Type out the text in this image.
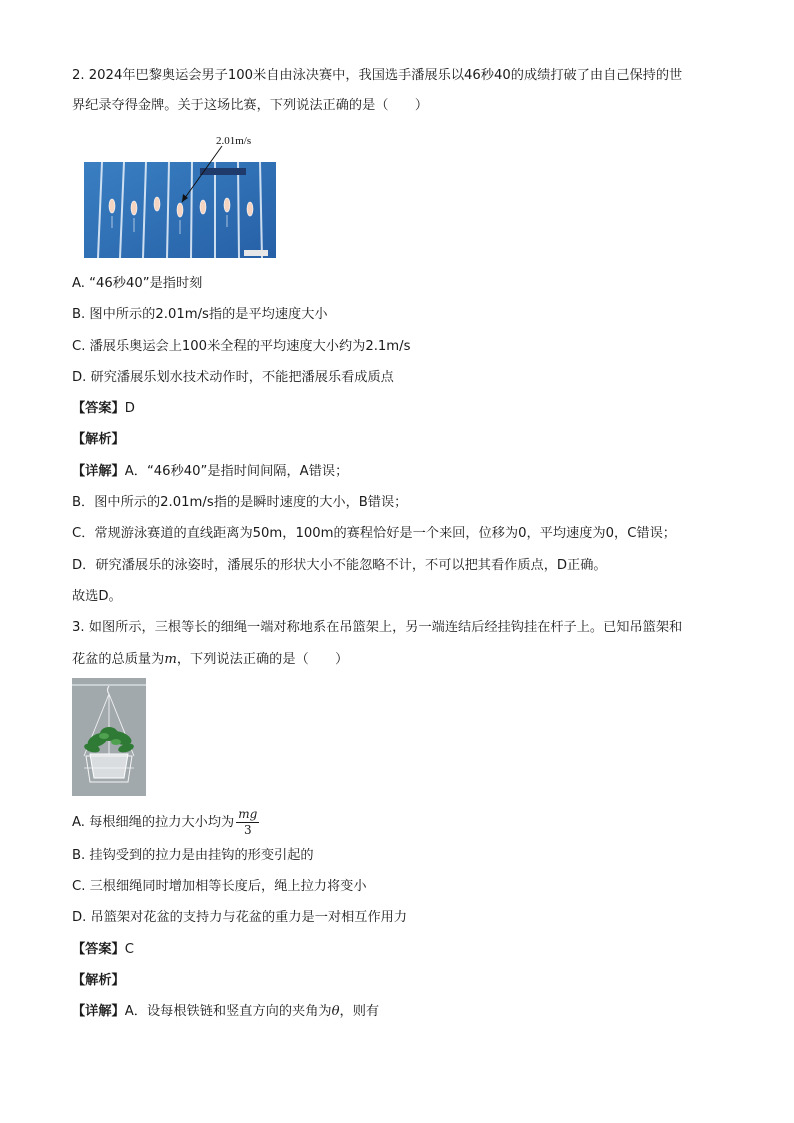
2. 2024年巴黎奥运会男子100米自由泳决赛中，我国选手潘展乐以46秒40的成绩打破了由自己保持的世
界纪录夺得金牌。关于这场比赛，下列说法正确的是（　　）
2.01m/s
A. “46秒40”是指时刻
B. 图中所示的2.01m/s指的是平均速度大小
C. 潘展乐奥运会上100米全程的平均速度大小约为2.1m/s
D. 研究潘展乐划水技术动作时，不能把潘展乐看成质点
【答案】D
【解析】
【详解】A．“46秒40”是指时间间隔，A错误；
B．图中所示的2.01m/s指的是瞬时速度的大小，B错误；
C．常规游泳赛道的直线距离为50m，100m的赛程恰好是一个来回，位移为0，平均速度为0，C错误；
D．研究潘展乐的泳姿时，潘展乐的形状大小不能忽略不计，不可以把其看作质点，D正确。
故选D。
3. 如图所示，三根等长的细绳一端对称地系在吊篮架上，另一端连结后经挂钩挂在杆子上。已知吊篮架和
花盆的总质量为m，下列说法正确的是（　　）
A. 每根细绳的拉力大小均为 $\frac{mg}{3}$
B. 挂钩受到的拉力是由挂钩的形变引起的
C. 三根细绳同时增加相等长度后，绳上拉力将变小
D. 吊篮架对花盆的支持力与花盆的重力是一对相互作用力
【答案】C
【解析】
【详解】A．设每根铁链和竖直方向的夹角为θ，则有
